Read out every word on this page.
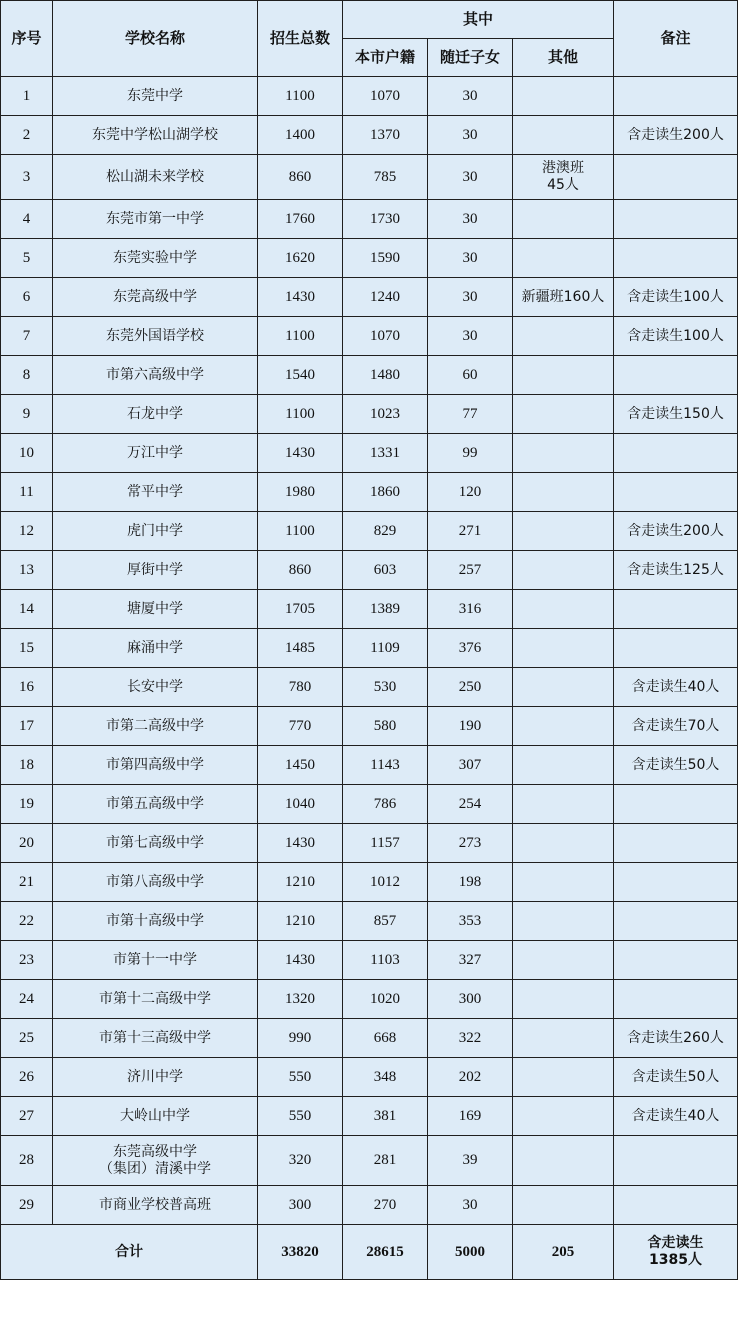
序号	学校名称	招生总数	其中			备注
			本市户籍	随迁子女	其他	
1	东莞中学	1100	1070	30		
2	东莞中学松山湖学校	1400	1370	30		含走读生200人
3	松山湖未来学校	860	785	30	港澳班
45人	

4	东莞市第一中学	1760	1730	30		
5	东莞实验中学	1620	1590	30		
6	东莞高级中学	1430	1240	30	新疆班160人	含走读生100人
7	东莞外国语学校	1100	1070	30		含走读生100人
8	市第六高级中学	1540	1480	60		
9	石龙中学	1100	1023	77		含走读生150人
10	万江中学	1430	1331	99		
11	常平中学	1980	1860	120		
12	虎门中学	1100	829	271		含走读生200人
13	厚街中学	860	603	257		含走读生125人
14	塘厦中学	1705	1389	316		
15	麻涌中学	1485	1109	376		
16	长安中学	780	530	250		含走读生40人
17	市第二高级中学	770	580	190		含走读生70人
18	市第四高级中学	1450	1143	307		含走读生50人
19	市第五高级中学	1040	786	254		
20	市第七高级中学	1430	1157	273		
21	市第八高级中学	1210	1012	198		
22	市第十高级中学	1210	857	353		
23	市第十一中学	1430	1103	327		
24	市第十二高级中学	1320	1020	300		
25	市第十三高级中学	990	668	322		含走读生260人
26	济川中学	550	348	202		含走读生50人
27	大岭山中学	550	381	169		含走读生40人
28	东莞高级中学
（集团）清溪中学	320	281	39		
29	市商业学校普高班	300	270	30		
合计		33820	28615	5000	205	含走读生
1385人
